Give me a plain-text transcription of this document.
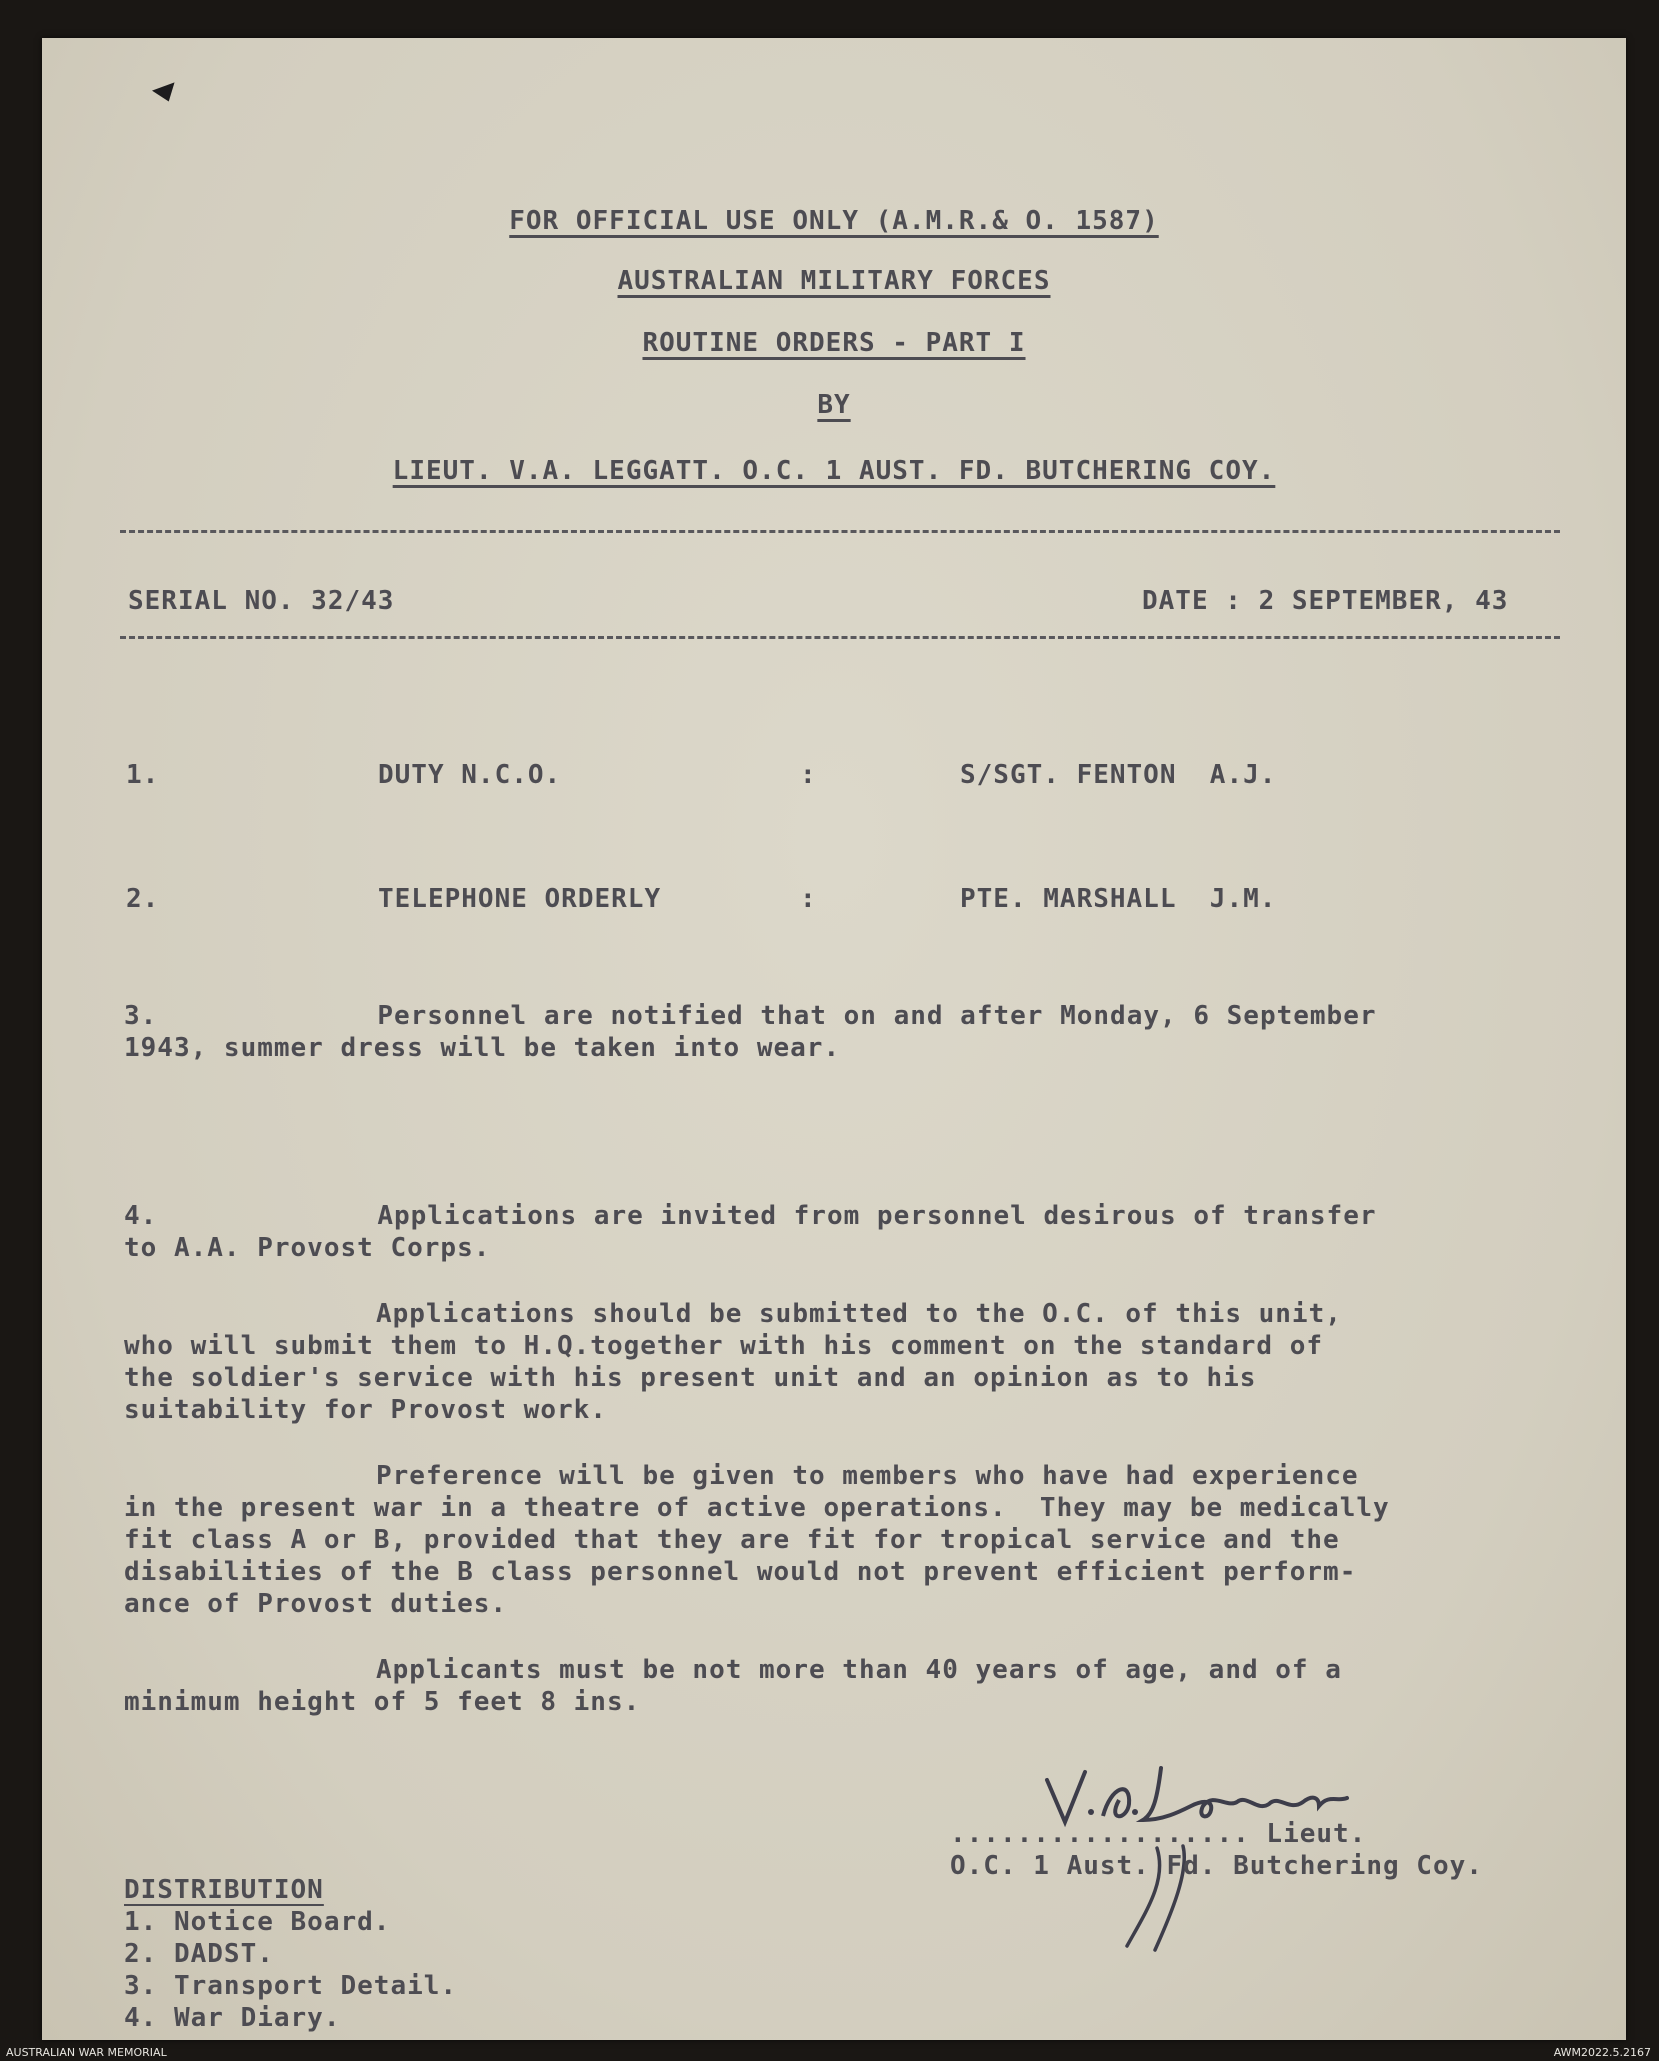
FOR OFFICIAL USE ONLY (A.M.R.& O. 1587)
AUSTRALIAN MILITARY FORCES
ROUTINE ORDERS - PART I
BY
LIEUT. V.A. LEGGATT. O.C. 1 AUST. FD. BUTCHERING COY.
SERIAL NO. 32/43	DATE : 2 SEPTEMBER, 43
1.	DUTY N.C.O.	:	S/SGT. FENTON  A.J.
2.	TELEPHONE ORDERLY	:	PTE. MARSHALL  J.M.

3.	Personnel are notified that on and after Monday, 6 September

1943, summer dress will be taken into wear.

4.	Applications are invited from personnel desirous of transfer

to A.A. Provost Corps.

Applications should be submitted to the O.C. of this unit,

who will submit them to H.Q.together with his comment on the standard of

the soldier's service with his present unit and an opinion as to his

suitability for Provost work.

Preference will be given to members who have had experience

in the present war in a theatre of active operations.  They may be medically

fit class A or B, provided that they are fit for tropical service and the

disabilities of the B class personnel would not prevent efficient perform-

ance of Provost duties.

Applicants must be not more than 40 years of age, and of a

minimum height of 5 feet 8 ins.

.................. Lieut.

O.C. 1 Aust. Fd. Butchering Coy.

DISTRIBUTION

1. Notice Board.

2. DADST.

3. Transport Detail.

4. War Diary.

AUSTRALIAN WAR MEMORIAL	AWM2022.5.2167
